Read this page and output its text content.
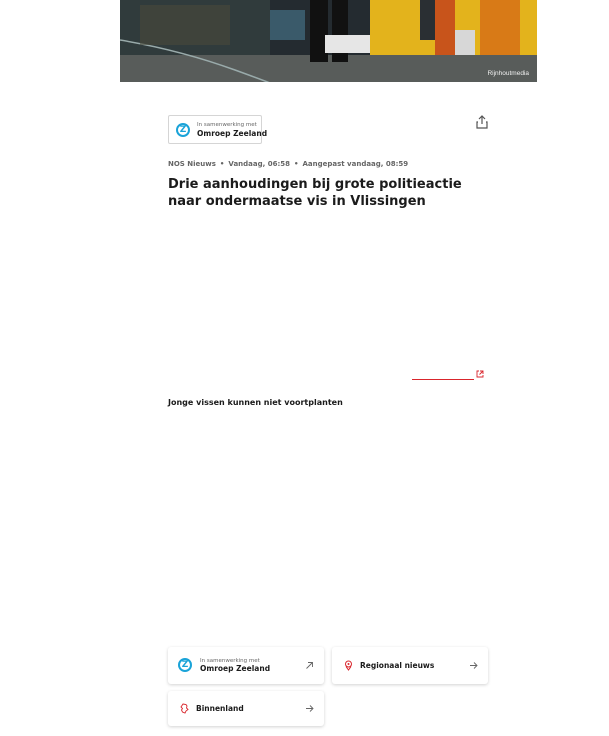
Rijnhoutmedia
Z	In samenwerking met
Omroep Zeeland
NOS Nieuws • Vandaag, 06:58 • Aangepast vandaag, 08:59
Drie aanhoudingen bij grote politieactie naar ondermaatse vis in Vlissingen
Jonge vissen kunnen niet voortplanten
Z	In samenwerking met
Omroep Zeeland	Regionaal nieuws
Binnenland
